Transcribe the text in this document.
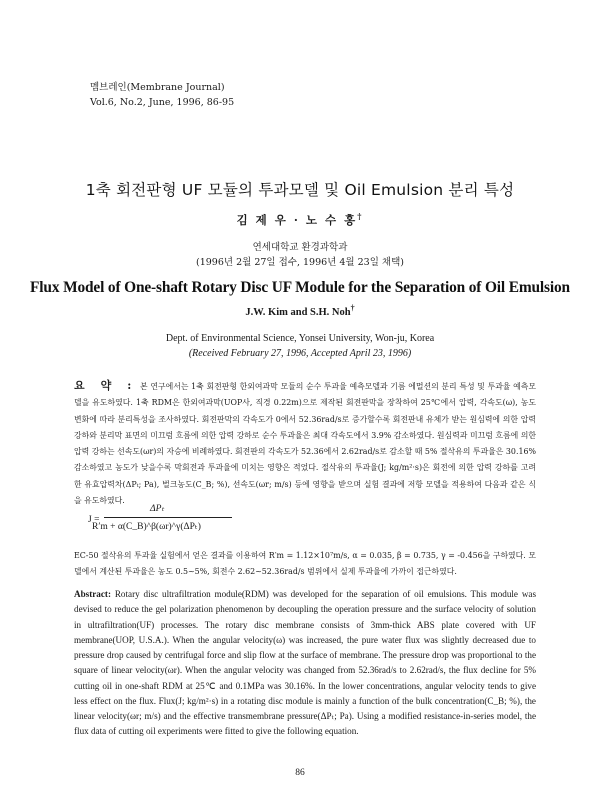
멤브레인(Membrane Journal)
Vol.6, No.2, June, 1996, 86-95
1축 회전판형 UF 모듈의 투과모델 및 Oil Emulsion 분리 특성
김 제 우 · 노 수 홍†
연세대학교 환경과학과
(1996년 2월 27일 접수, 1996년 4월 23일 채택)
Flux Model of One-shaft Rotary Disc UF Module for the Separation of Oil Emulsion
J.W. Kim and S.H. Noh†
Dept. of Environmental Science, Yonsei University, Won-ju, Korea
(Received February 27, 1996, Accepted April 23, 1996)
요 약 : 본 연구에서는 1축 회전판형 한외여과막 모듈의 순수 투과율 예측모델과 기름 에멀션의 분리 특성 및 투과율 예측모델을 유도하였다. 1축 RDM은 한외여과막(UOP사, 직경 0.22m)으로 제작된 회전판막을 장착하여 25℃에서 압력, 각속도(ω), 농도 변화에 따라 분리특성을 조사하였다. 회전판막의 각속도가 0에서 52.36rad/s로 증가할수록 회전판내 유체가 받는 원심력에 의한 압력 강하와 분리막 표면의 미끄럼 흐름에 의한 압력 강하로 순수 투과율은 최대 각속도에서 3.9% 감소하였다. 원심력과 미끄럼 흐름에 의한 압력 강하는 선속도(ωr)의 자승에 비례하였다. 회전판의 각속도가 52.36에서 2.62rad/s로 감소할 때 5% 절삭유의 투과율은 30.16% 감소하였고 농도가 낮을수록 막회전과 투과율에 미치는 영향은 적었다. 절삭유의 투과율(J; kg/m²·s)은 회전에 의한 압력 강하를 고려한 유효압력차(ΔPₜ; Pa), 벌크농도(C_B; %), 선속도(ωr; m/s) 등에 영향을 받으며 실험 결과에 저항 모델을 적용하여 다음과 같은 식을 유도하였다.
J =
ΔPₜ
R′m + α(C_B)^β(ωr)^γ(ΔPₜ)
EC-50 절삭유의 투과율 실험에서 얻은 결과를 이용하여 R′m = 1.12×10⁷m/s, α = 0.035, β = 0.735, γ = -0.456을 구하였다. 모델에서 계산된 투과율은 농도 0.5~5%, 회전수 2.62~52.36rad/s 범위에서 실제 투과율에 가까이 접근하였다.
Abstract: Rotary disc ultrafiltration module(RDM) was developed for the separation of oil emulsions. This module was devised to reduce the gel polarization phenomenon by decoupling the operation pressure and the surface velocity of solution in ultrafiltration(UF) processes. The rotary disc membrane consists of 3mm-thick ABS plate covered with UF membrane(UOP, U.S.A.). When the angular velocity(ω) was increased, the pure water flux was slightly decreased due to pressure drop caused by centrifugal force and slip flow at the surface of membrane. The pressure drop was proportional to the square of linear velocity(ωr). When the angular velocity was changed from 52.36rad/s to 2.62rad/s, the flux decline for 5% cutting oil in one-shaft RDM at 25℃ and 0.1MPa was 30.16%. In the lower concentrations, angular velocity tends to give less effect on the flux. Flux(J; kg/m²·s) in a rotating disc module is mainly a function of the bulk concentration(C_B; %), the linear velocity(ωr; m/s) and the effective transmembrane pressure(ΔPₜ; Pa). Using a modified resistance-in-series model, the flux data of cutting oil experiments were fitted to give the following equation.
86
